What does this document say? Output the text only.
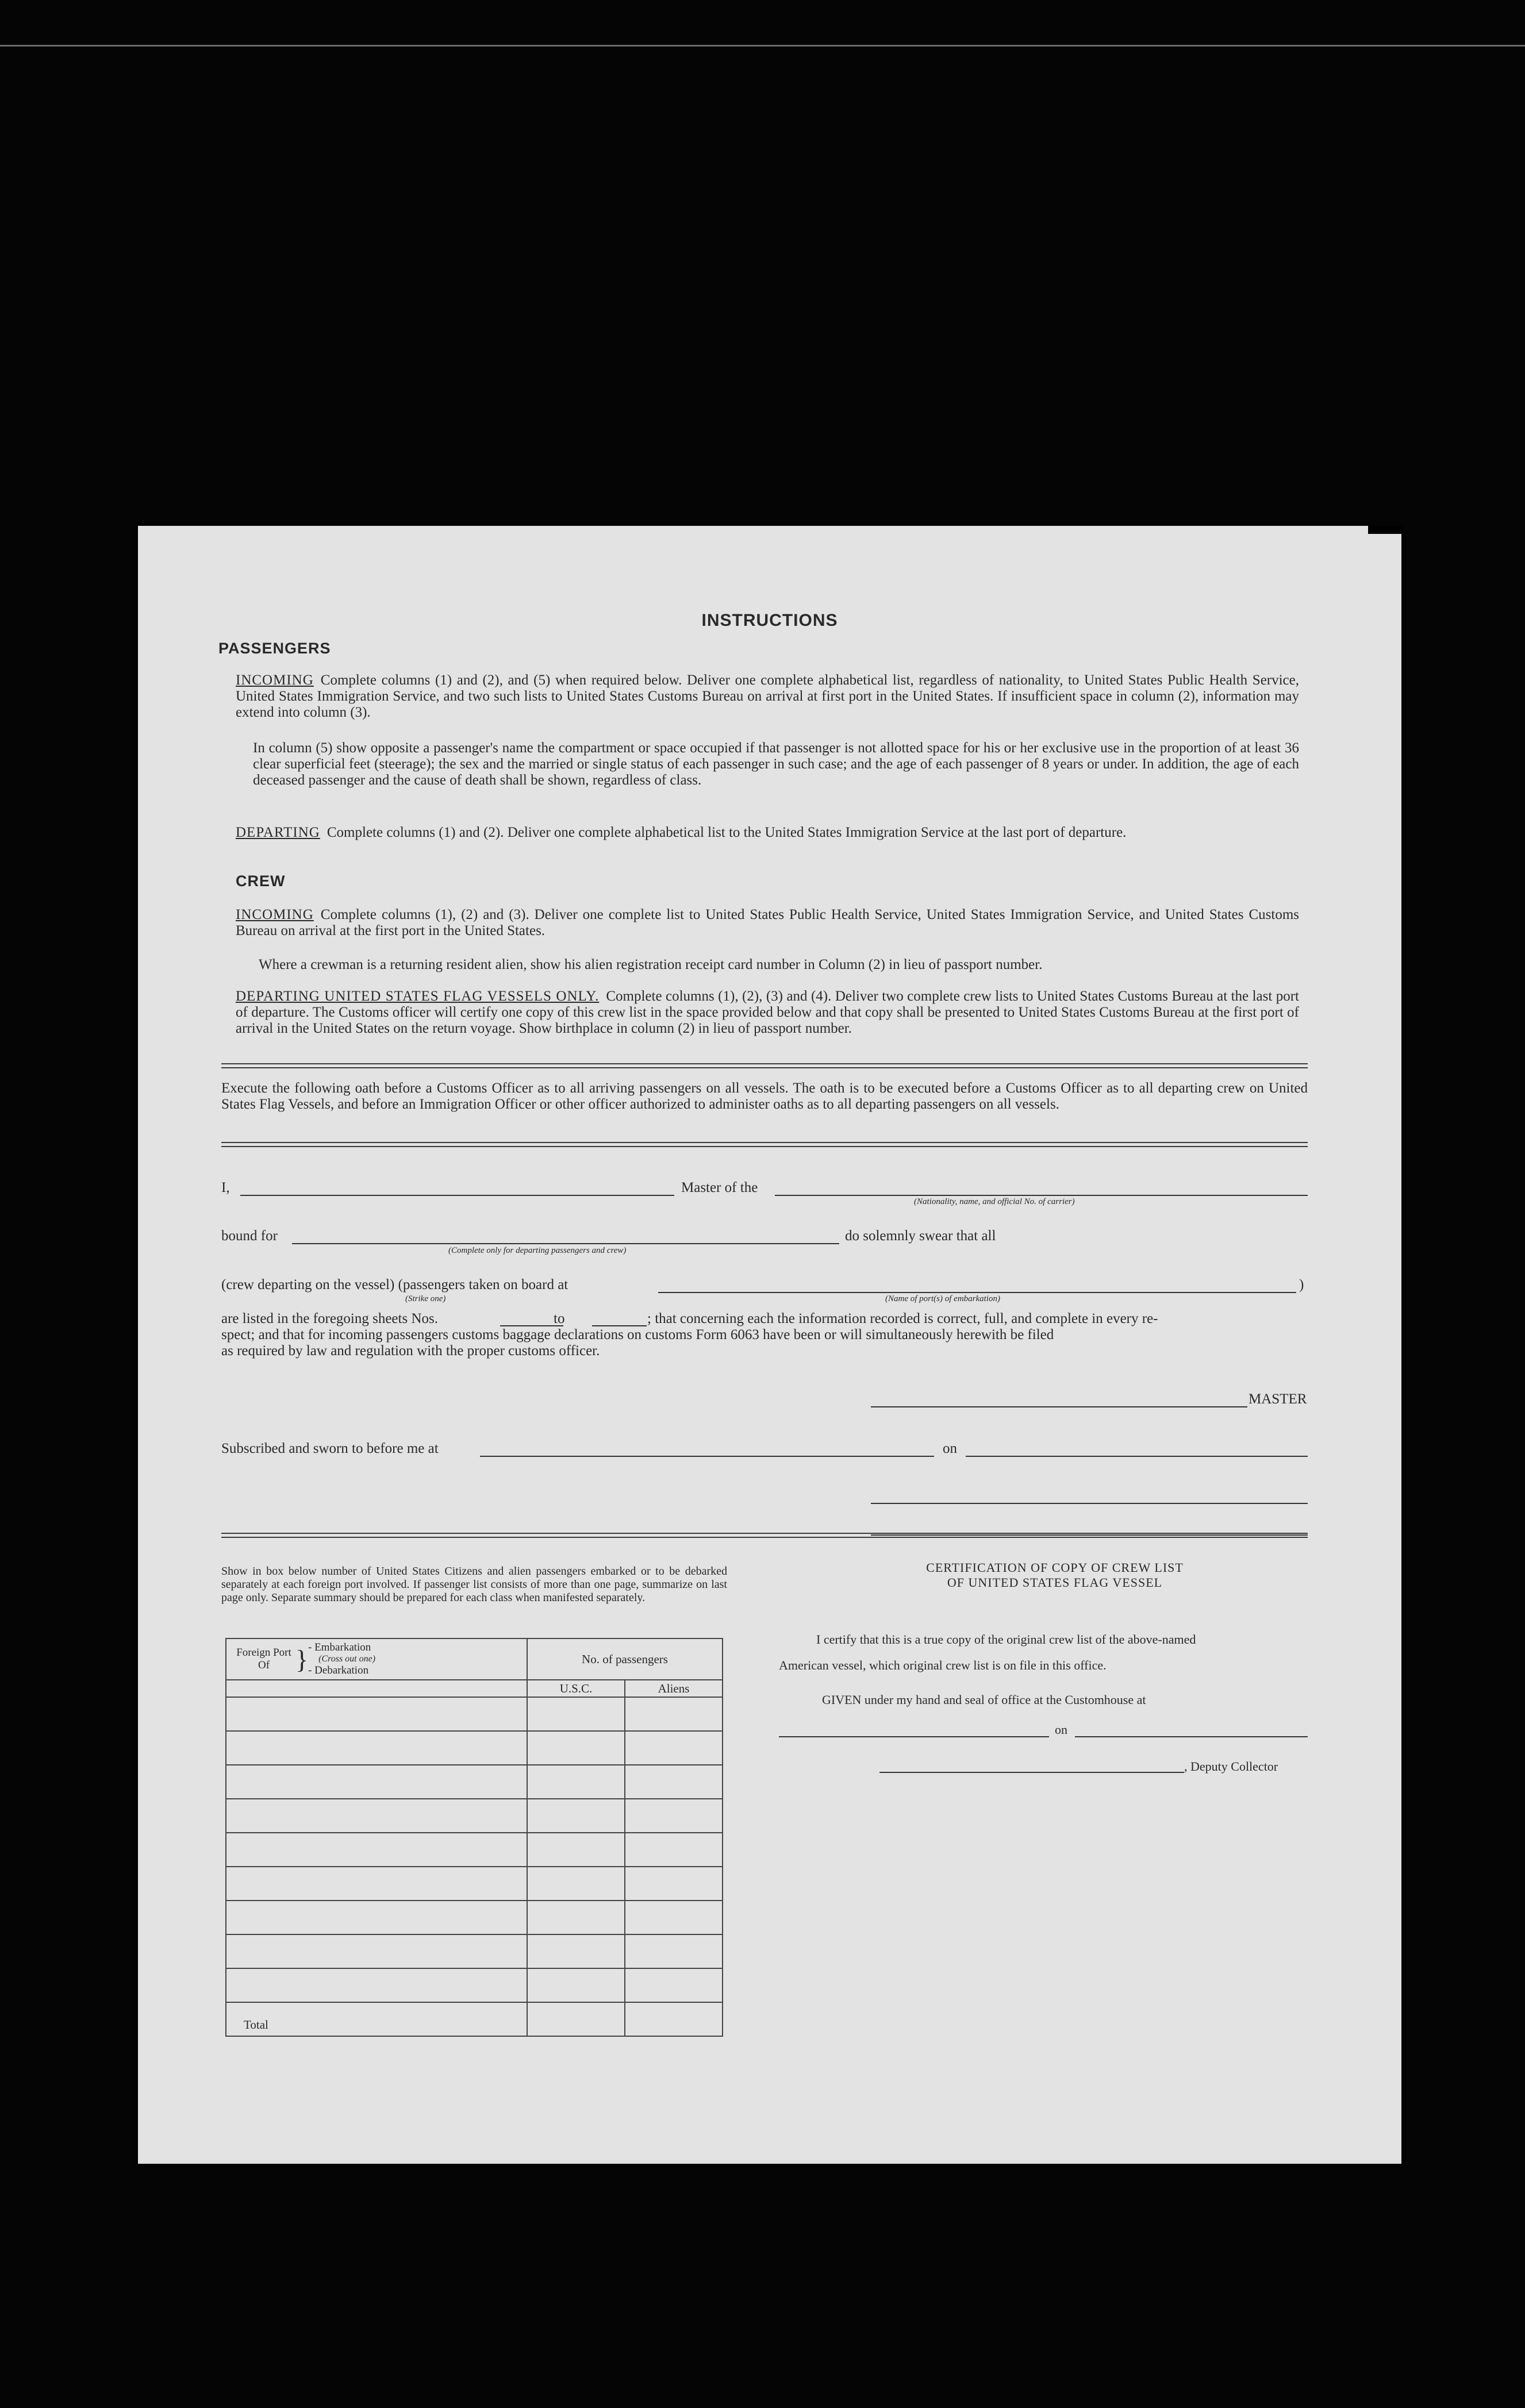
INSTRUCTIONS
PASSENGERS
INCOMING Complete columns (1) and (2), and (5) when required below. Deliver one complete alphabetical list, regardless of nationality, to United States Public Health Service, United States Immigration Service, and two such lists to United States Customs Bureau on arrival at first port in the United States. If insufficient space in column (2), information may extend into column (3).
In column (5) show opposite a passenger's name the compartment or space occupied if that passenger is not allotted space for his or her exclusive use in the proportion of at least 36 clear superficial feet (steerage); the sex and the married or single status of each passenger in such case; and the age of each passenger of 8 years or under. In addition, the age of each deceased passenger and the cause of death shall be shown, regardless of class.
DEPARTING Complete columns (1) and (2). Deliver one complete alphabetical list to the United States Immigration Service at the last port of departure.
CREW
INCOMING Complete columns (1), (2) and (3). Deliver one complete list to United States Public Health Service, United States Immigration Service, and United States Customs Bureau on arrival at the first port in the United States.
Where a crewman is a returning resident alien, show his alien registration receipt card number in Column (2) in lieu of passport number.
DEPARTING UNITED STATES FLAG VESSELS ONLY. Complete columns (1), (2), (3) and (4). Deliver two complete crew lists to United States Customs Bureau at the last port of departure. The Customs officer will certify one copy of this crew list in the space provided below and that copy shall be presented to United States Customs Bureau at the first port of arrival in the United States on the return voyage. Show birthplace in column (2) in lieu of passport number.
Execute the following oath before a Customs Officer as to all arriving passengers on all vessels. The oath is to be executed before a Customs Officer as to all departing crew on United States Flag Vessels, and before an Immigration Officer or other officer authorized to administer oaths as to all departing passengers on all vessels.
I,	Master of the
(Nationality, name, and official No. of carrier)
bound for
(Complete only for departing passengers and crew)
do solemnly swear that all
(crew departing on the vessel) (passengers taken on board at	)
(Strike one)	(Name of port(s) of embarkation)
are listed in the foregoing sheets Nos.	to	; that concerning each the information recorded is correct, full, and complete in every re-
spect; and that for incoming passengers customs baggage declarations on customs Form 6063 have been or will simultaneously herewith be filed
as required by law and regulation with the proper customs officer.
MASTER
Subscribed and sworn to before me at	on
Show in box below number of United States Citizens and alien passengers embarked or to be debarked separately at each foreign port involved. If passenger list consists of more than one page, summarize on last page only. Separate summary should be prepared for each class when manifested separately.
Foreign Port Of	}	- Embarkation
(Cross out one)
- Debarkation
	No. of passengers
	U.S.C.	Aliens

Total		
CERTIFICATION OF COPY OF CREW LIST
OF UNITED STATES FLAG VESSEL
I certify that this is a true copy of the original crew list of the above-named
American vessel, which original crew list is on file in this office.
GIVEN under my hand and seal of office at the Customhouse at
on
, Deputy Collector
